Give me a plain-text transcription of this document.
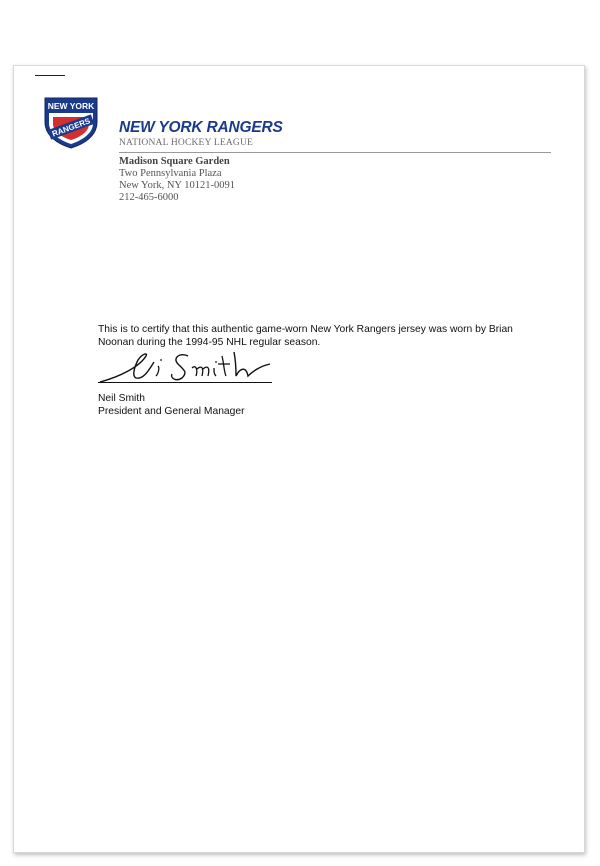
NEW YORK
RANGERS NEW YORK RANGERS
NATIONAL HOCKEY LEAGUE
Madison Square Garden
Two Pennsylvania Plaza
New York, NY 10121-0091
212-465-6000
This is to certify that this authentic game-worn New York Rangers jersey was worn by Brian
Noonan during the 1994-95 NHL regular season.
Neil Smith
President and General Manager
